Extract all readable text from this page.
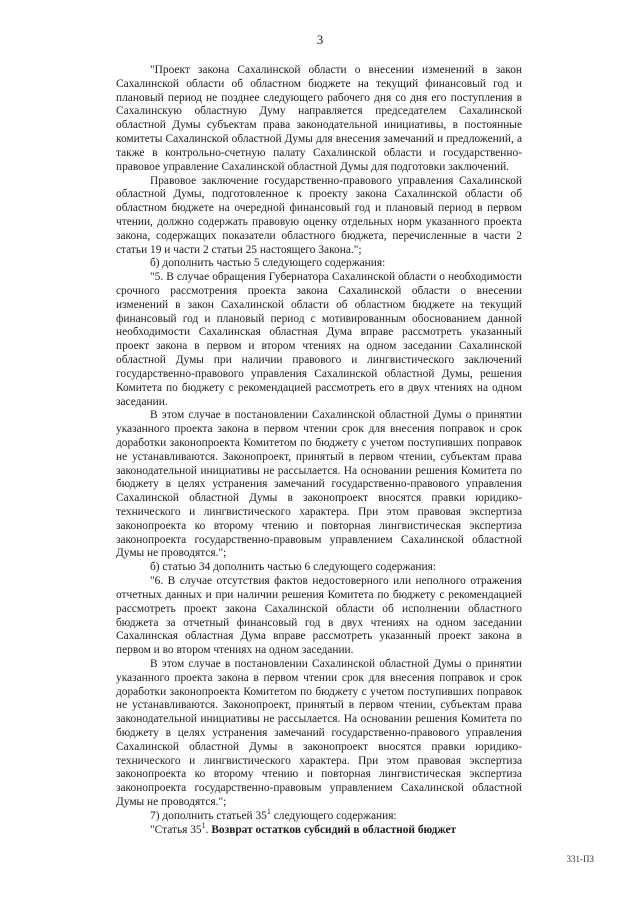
3

"Проект закона Сахалинской области о внесении изменений в закон Сахалинской области об областном бюджете на текущий финансовый год и плановый период не позднее следующего рабочего дня со дня его поступления в Сахалинскую областную Думу направляется председателем Сахалинской областной Думы субъектам права законодательной инициативы, в постоянные комитеты Сахалинской областной Думы для внесения замечаний и предложений, а также в контрольно-счетную палату Сахалинской области и государственно-правовое управление Сахалинской областной Думы для подготовки заключений.

Правовое заключение государственно-правового управления Сахалинской областной Думы, подготовленное к проекту закона Сахалинской области об областном бюджете на очередной финансовый год и плановый период в первом чтении, должно содержать правовую оценку отдельных норм указанного проекта закона, содержащих показатели областного бюджета, перечисленные в части 2 статьи 19 и части 2 статьи 25 настоящего Закона.";

б) дополнить частью 5 следующего содержания:

"5. В случае обращения Губернатора Сахалинской области о необходимости срочного рассмотрения проекта закона Сахалинской области о внесении изменений в закон Сахалинской области об областном бюджете на текущий финансовый год и плановый период с мотивированным обоснованием данной необходимости Сахалинская областная Дума вправе рассмотреть указанный проект закона в первом и втором чтениях на одном заседании Сахалинской областной Думы при наличии правового и лингвистического заключений государственно-правового управления Сахалинской областной Думы, решения Комитета по бюджету с рекомендацией рассмотреть его в двух чтениях на одном заседании.

В этом случае в постановлении Сахалинской областной Думы о принятии указанного проекта закона в первом чтении срок для внесения поправок и срок доработки законопроекта Комитетом по бюджету с учетом поступивших поправок не устанавливаются. Законопроект, принятый в первом чтении, субъектам права законодательной инициативы не рассылается. На основании решения Комитета по бюджету в целях устранения замечаний государственно-правового управления Сахалинской областной Думы в законопроект вносятся правки юридико-технического и лингвистического характера. При этом правовая экспертиза законопроекта ко второму чтению и повторная лингвистическая экспертиза законопроекта государственно-правовым управлением Сахалинской областной Думы не проводятся.";

б) статью 34 дополнить частью 6 следующего содержания:

"6. В случае отсутствия фактов недостоверного или неполного отражения отчетных данных и при наличии решения Комитета по бюджету с рекомендацией рассмотреть проект закона Сахалинской области об исполнении областного бюджета за отчетный финансовый год в двух чтениях на одном заседании Сахалинская областная Дума вправе рассмотреть указанный проект закона в первом и во втором чтениях на одном заседании.

В этом случае в постановлении Сахалинской областной Думы о принятии указанного проекта закона в первом чтении срок для внесения поправок и срок доработки законопроекта Комитетом по бюджету с учетом поступивших поправок не устанавливаются. Законопроект, принятый в первом чтении, субъектам права законодательной инициативы не рассылается. На основании решения Комитета по бюджету в целях устранения замечаний государственно-правового управления Сахалинской областной Думы в законопроект вносятся правки юридико-технического и лингвистического характера. При этом правовая экспертиза законопроекта ко второму чтению и повторная лингвистическая экспертиза законопроекта государственно-правовым управлением Сахалинской областной Думы не проводятся.";

7) дополнить статьей $35^1$ следующего содержания:

"Статья $35^1$. Возврат остатков субсидий в областной бюджет

331-ПЗ
